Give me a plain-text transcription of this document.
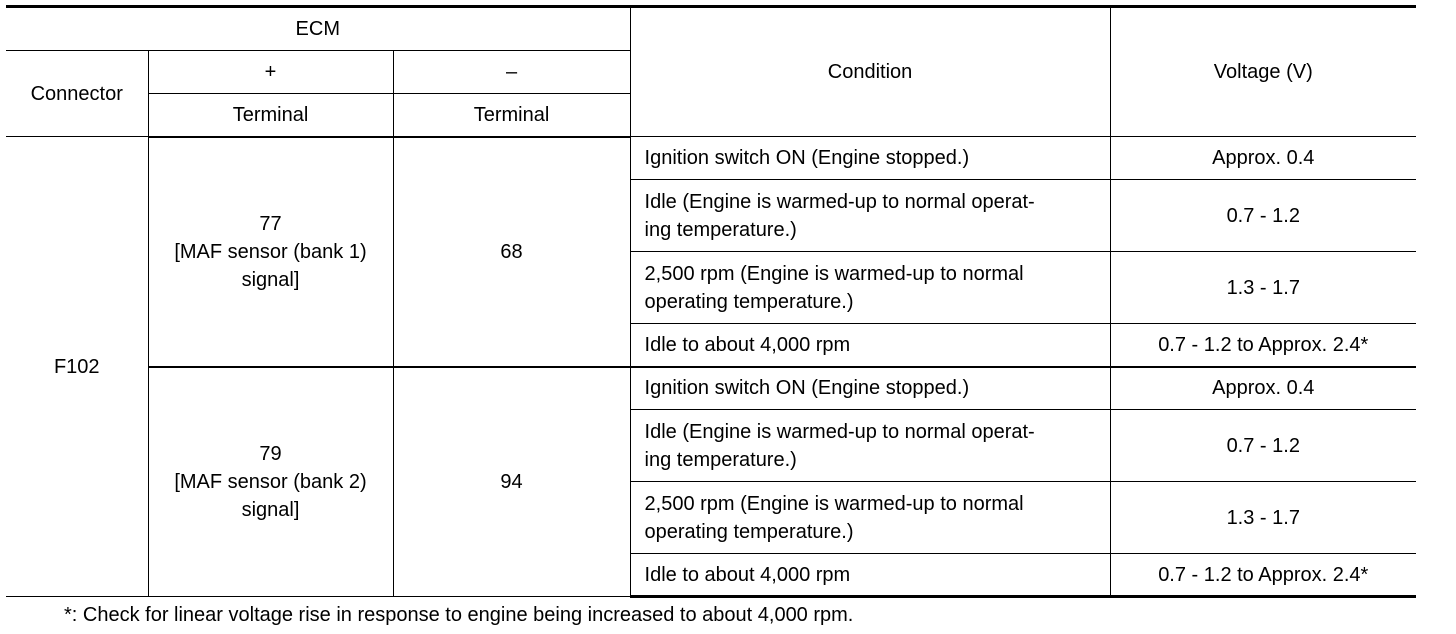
ECM			Condition	Voltage (V)
Connector	+	–		
	Terminal	Terminal		
F102	77
[MAF sensor (bank 1)
signal]	68	Ignition switch ON (Engine stopped.)	Approx. 0.4

			Idle (Engine is warmed-up to normal operat-
ing temperature.)	0.7 - 1.2

			2,500 rpm (Engine is warmed-up to normal
operating temperature.)	1.3 - 1.7

			Idle to about 4,000 rpm	0.7 - 1.2 to Approx. 2.4*

	79
[MAF sensor (bank 2)
signal]	94	Ignition switch ON (Engine stopped.)	Approx. 0.4

			Idle (Engine is warmed-up to normal operat-
ing temperature.)	0.7 - 1.2

			2,500 rpm (Engine is warmed-up to normal
operating temperature.)	1.3 - 1.7

			Idle to about 4,000 rpm	0.7 - 1.2 to Approx. 2.4*
*: Check for linear voltage rise in response to engine being increased to about 4,000 rpm.
